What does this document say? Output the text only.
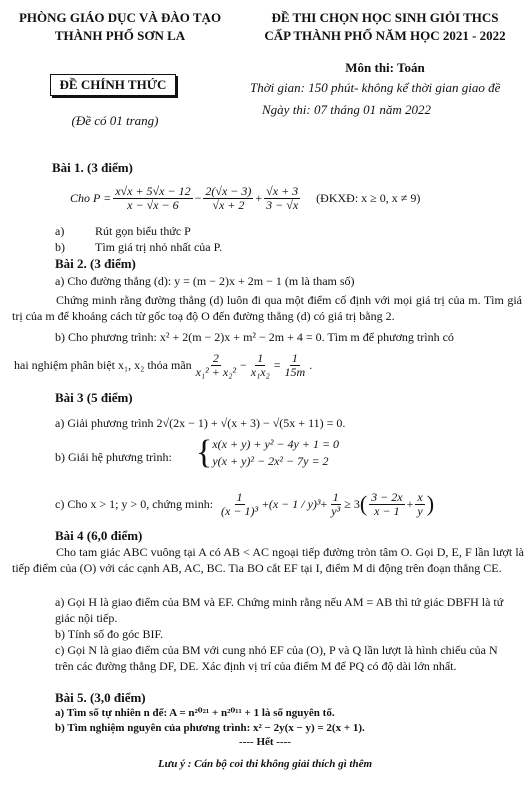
PHÒNG GIÁO DỤC VÀ ĐÀO TẠO
THÀNH PHỐ SƠN LA
ĐỀ CHÍNH THỨC
(Đề có 01 trang)
ĐỀ THI CHỌN HỌC SINH GIỎI THCS
CẤP THÀNH PHỐ NĂM HỌC 2021 - 2022
Môn thi: Toán
Thời gian: 150 phút- không kể thời gian giao đề
Ngày thi: 07 tháng 01 năm 2022
Bài 1. (3 điểm)
Cho $P = \frac{x√x + 5√x - 12}{x - √x - 6} - \frac{2(√x - 3)}{√x + 2} + \frac{√x + 3}{3 - √x}$ (ĐKXĐ: x ≥ 0, x ≠ 9)
a)	Rút gọn biểu thức P
b)	Tìm giá trị nhỏ nhất của P.
Bài 2. (3 điểm)
a) Cho đường thẳng (d): y = (m − 2)x + 2m − 1 (m là tham số)
Chứng minh rằng đường thẳng (d) luôn đi qua một điểm cố định với mọi giá trị của m. Tìm giá trị của m để khoảng cách từ gốc toạ độ O đến đường thẳng (d) có giá trị bằng 2.
b) Cho phương trình: x² + 2(m − 2)x + m² − 2m + 4 = 0. Tìm m để phương trình có
hai nghiệm phân biệt x₁, x₂ thỏa mãn $\frac{2}{\text{x₁² + x₂²}} - \frac{1}{\text{x₁x₂}} = \frac{1}{15m}$ .
Bài 3 (5 điểm)
a) Giải phương trình 2√(2x − 1) + √(x + 3) − √(5x + 11) = 0.
b) Giải hệ phương trình: { x(x + y) + y² − 4y + 1 = 0
y(x + y)² − 2x² − 7y = 2
c) Cho x > 1; y > 0, chứng minh: $\frac{1}{\text{(x − 1)³}} + (x - 1 / y)^3 + \frac{1}{\text{y³}} \ge 3$ ( $\frac{3 - 2x}{x - 1} + \frac{x}{y}$ )
Bài 4 (6,0 điểm)
Cho tam giác ABC vuông tại A có AB < AC ngoại tiếp đường tròn tâm O. Gọi D, E, F lần lượt là tiếp điểm của (O) với các cạnh AB, AC, BC. Tia BO cắt EF tại I, điểm M di động trên đoạn thẳng CE.
a) Gọi H là giao điểm của BM và EF. Chứng minh rằng nếu AM = AB thì tứ giác DBFH là tứ giác nội tiếp.
b) Tính số đo góc BIF.
c) Gọi N là giao điểm của BM với cung nhỏ EF của (O), P và Q lần lượt là hình chiếu của N trên các đường thẳng DF, DE. Xác định vị trí của điểm M để PQ có độ dài lớn nhất.
Bài 5. (3,0 điểm)
a) Tìm số tự nhiên n để: A = n²⁰²¹ + n²⁰¹¹ + 1 là số nguyên tố.
b) Tìm nghiệm nguyên của phương trình: x² − 2y(x − y) = 2(x + 1).
---- Hết ----
Lưu ý : Cán bộ coi thi không giải thích gì thêm
